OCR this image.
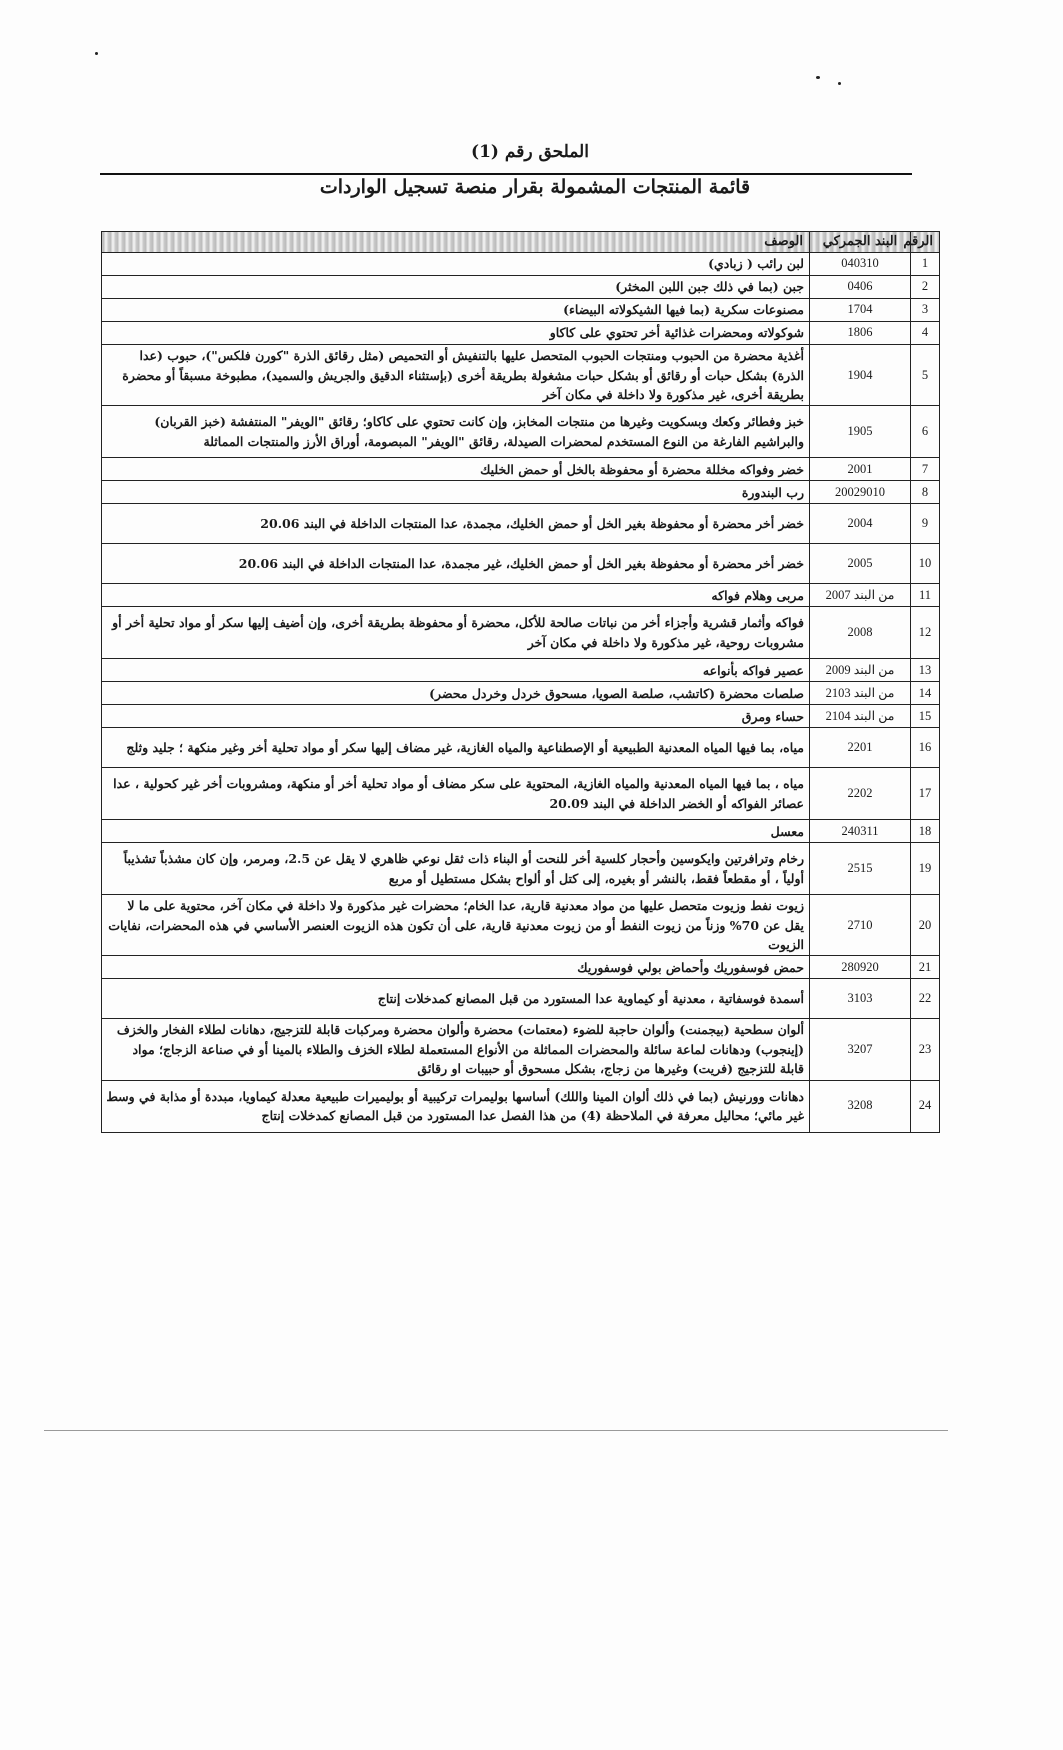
الملحق رقم (1)
قائمة المنتجات المشمولة بقرار منصة تسجيل الواردات
الرقم	البند الجمركي	الوصف
1	040310	لبن رائب ( زبادي)
2	0406	جبن (بما في ذلك جبن اللبن المخثر)
3	1704	مصنوعات سكرية (بما فيها الشيكولاته البيضاء)
4	1806	شوكولاته ومحضرات غذائية أخر تحتوي على كاكاو
5	1904	أغذية محضرة من الحبوب ومنتجات الحبوب المتحصل عليها بالتنفيش أو التحميص (مثل رقائق الذرة "كورن فلكس")، حبوب (عدا الذرة) بشكل حبات أو رقائق أو بشكل حبات مشغولة بطريقة أخرى (بإستثناء الدقيق والجريش والسميد)، مطبوخة مسبقاً أو محضرة بطريقة أخرى، غير مذكورة ولا داخلة في مكان آخر
6	1905	خبز وفطائر وكعك وبسكويت وغيرها من منتجات المخابز، وإن كانت تحتوي على كاكاو؛ رقائق "الويفر" المنتفشة (خبز القربان) والبراشيم الفارغة من النوع المستخدم لمحضرات الصيدلة، رقائق "الويفر" المبصومة، أوراق الأرز والمنتجات المماثلة
7	2001	خضر وفواكه مخللة محضرة أو محفوظة بالخل أو حمض الخليك
8	20029010	رب البندورة
9	2004	خضر أخر محضرة أو محفوظة بغير الخل أو حمض الخليك، مجمدة، عدا المنتجات الداخلة في البند 20.06
10	2005	خضر أخر محضرة أو محفوظة بغير الخل أو حمض الخليك، غير مجمدة، عدا المنتجات الداخلة في البند 20.06
11	من البند 2007	مربى وهلام فواكه
12	2008	فواكه وأثمار قشرية وأجزاء أخر من نباتات صالحة للأكل، محضرة أو محفوظة بطريقة أخرى، وإن أضيف إليها سكر أو مواد تحلية أخر أو مشروبات روحية، غير مذكورة ولا داخلة في مكان آخر
13	من البند 2009	عصير فواكه بأنواعه
14	من البند 2103	صلصات محضرة (كاتشب، صلصة الصويا، مسحوق خردل وخردل محضر)
15	من البند 2104	حساء ومرق
16	2201	مياه، بما فيها المياه المعدنية الطبيعية أو الإصطناعية والمياه الغازية، غير مضاف إليها سكر أو مواد تحلية أخر وغير منكهة ؛ جليد وثلج
17	2202	مياه ، بما فيها المياه المعدنية والمياه الغازية، المحتوية على سكر مضاف أو مواد تحلية أخر أو منكهة، ومشروبات أخر غير كحولية ، عدا عصائر الفواكه أو الخضر الداخلة في البند 20.09
18	240311	معسل
19	2515	رخام وترافرتين وايكوسين وأحجار كلسية أخر للنحت أو البناء ذات ثقل نوعي ظاهري لا يقل عن 2.5، ومرمر، وإن كان مشذباً تشذيباً أولياً ، أو مقطعاً فقط، بالنشر أو بغيره، إلى كتل أو ألواح بشكل مستطيل أو مربع
20	2710	زيوت نفط وزيوت متحصل عليها من مواد معدنية قارية، عدا الخام؛ محضرات غير مذكورة ولا داخلة في مكان آخر، محتوية على ما لا يقل عن 70% وزناً من زيوت النفط أو من زيوت معدنية قارية، على أن تكون هذه الزيوت العنصر الأساسي في هذه المحضرات، نفايات الزيوت
21	280920	حمض فوسفوريك وأحماض بولي فوسفوريك
22	3103	أسمدة فوسفاتية ، معدنية أو كيماوية عدا المستورد من قبل المصانع كمدخلات إنتاج
23	3207	ألوان سطحية (بيجمنت) وألوان حاجبة للضوء (معتمات) محضرة وألوان محضرة ومركبات قابلة للتزجيج، دهانات لطلاء الفخار والخزف (إينجوب) ودهانات لماعة سائلة والمحضرات المماثلة من الأنواع المستعملة لطلاء الخزف والطلاء بالمينا أو في صناعة الزجاج؛ مواد قابلة للتزجيج (فريت) وغيرها من زجاج، بشكل مسحوق أو حبيبات او رقائق
24	3208	دهانات وورنيش (بما في ذلك ألوان المينا واللك) أساسها بوليمرات تركيبية أو بوليميرات طبيعية معدلة كيماويا، مبددة أو مذابة في وسط غير مائي؛ محاليل معرفة في الملاحظة (4) من هذا الفصل عدا المستورد من قبل المصانع كمدخلات إنتاج
